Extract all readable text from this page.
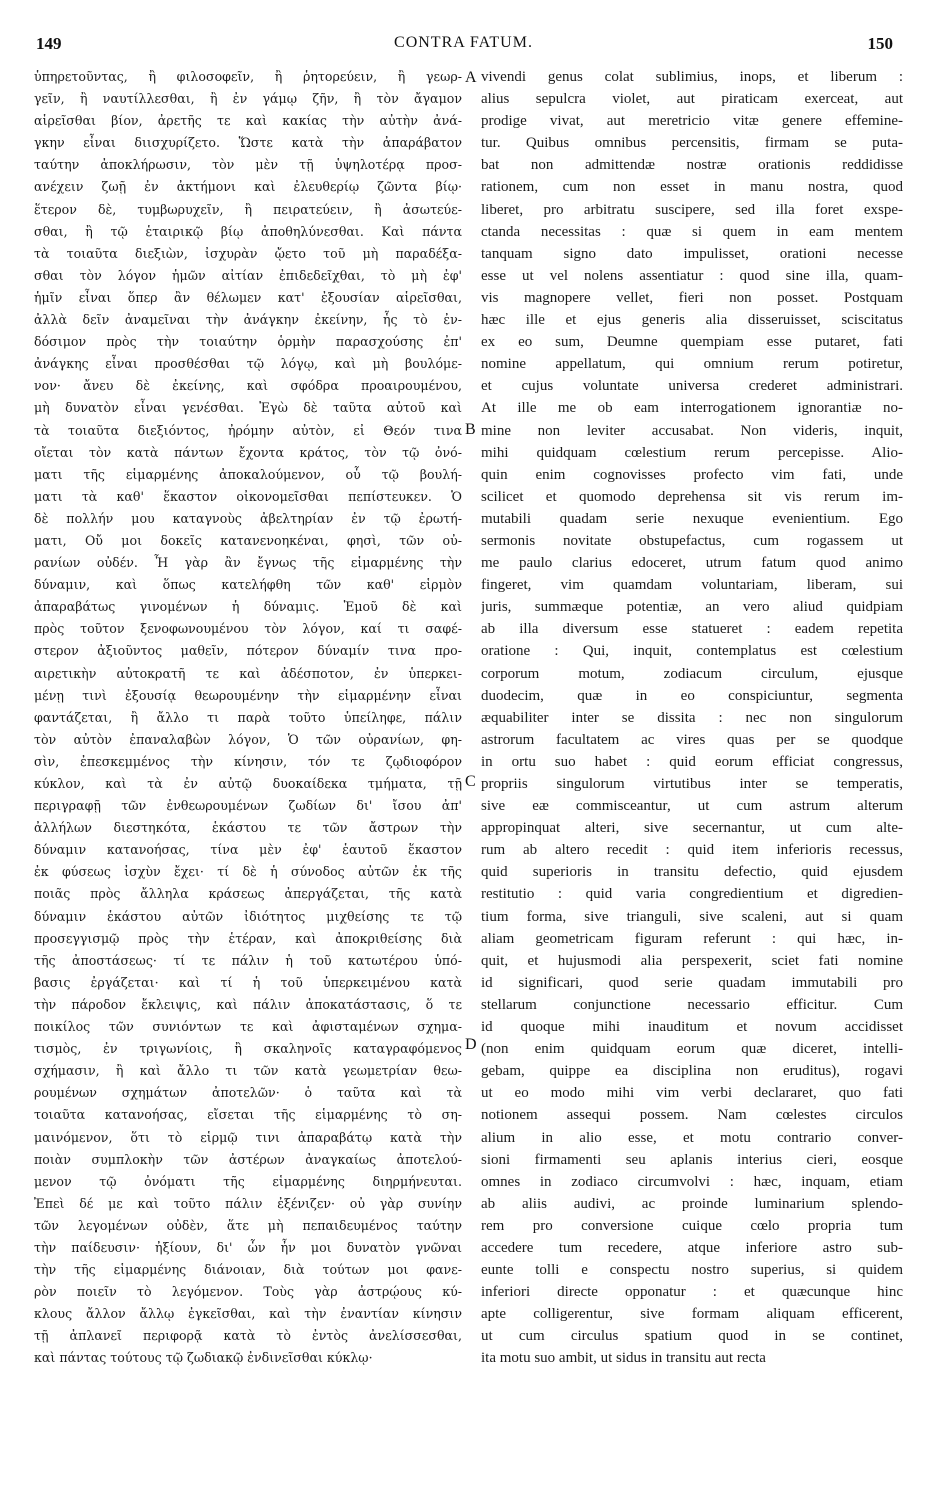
149	CONTRA FATUM.	150
ὑπηρετοῦντας, ἢ φιλοσοφεῖν, ἢ ῥητορεύειν, ἢ γεωρ-
γεῖν, ἢ ναυτίλλεσθαι, ἢ ἐν γάμῳ ζῆν, ἢ τὸν ἄγαμον
αἱρεῖσθαι βίον, ἀρετῆς τε καὶ κακίας τὴν αὐτὴν ἀνά-
γκην εἶναι διισχυρίζετο. Ὥστε κατὰ τὴν ἀπαράβατον
ταύτην ἀποκλήρωσιν, τὸν μὲν τῇ ὑψηλοτέρᾳ προσ-
ανέχειν ζωῇ ἐν ἀκτήμονι καὶ ἐλευθερίῳ ζῶντα βίῳ·
ἕτερον δὲ, τυμβωρυχεῖν, ἢ πειρατεύειν, ἢ ἀσωτεύε-
σθαι, ἢ τῷ ἑταιρικῷ βίῳ ἀποθηλύνεσθαι. Καὶ πάντα
τὰ τοιαῦτα διεξιὼν, ἰσχυρὰν ᾤετο τοῦ μὴ παραδέξα-
σθαι τὸν λόγον ἡμῶν αἰτίαν ἐπιδεδεῖχθαι, τὸ μὴ ἐφ'
ἡμῖν εἶναι ὅπερ ἂν θέλωμεν κατ' ἐξουσίαν αἱρεῖσθαι,
ἀλλὰ δεῖν ἀναμεῖναι τὴν ἀνάγκην ἐκείνην, ἧς τὸ ἐν-
δόσιμον πρὸς τὴν τοιαύτην ὁρμὴν παρασχούσης ἐπ'
ἀνάγκης εἶναι προσθέσθαι τῷ λόγῳ, καὶ μὴ βουλόμε-
νον· ἄνευ δὲ ἐκείνης, καὶ σφόδρα προαιρουμένου,
μὴ δυνατὸν εἶναι γενέσθαι. Ἐγὼ δὲ ταῦτα αὐτοῦ καὶ
τὰ τοιαῦτα διεξιόντος, ἠρόμην αὐτὸν, εἰ Θεόν τινα
οἴεται τὸν κατὰ πάντων ἔχοντα κράτος, τὸν τῷ ὀνό-
ματι τῆς εἱμαρμένης ἀποκαλούμενον, οὗ τῷ βουλή-
ματι τὰ καθ' ἕκαστον οἰκονομεῖσθαι πεπίστευκεν. Ὁ
δὲ πολλήν μου καταγνοὺς ἀβελτηρίαν ἐν τῷ ἐρωτή-
ματι, Οὔ μοι δοκεῖς κατανενοηκέναι, φησὶ, τῶν οὐ-
ρανίων οὐδέν. Ἦ γὰρ ἂν ἔγνως τῆς εἱμαρμένης τὴν
δύναμιν, καὶ ὅπως κατελήφθη τῶν καθ' εἱρμὸν
ἀπαραβάτως γινομένων ἡ δύναμις. Ἐμοῦ δὲ καὶ
πρὸς τοῦτον ξενοφωνουμένου τὸν λόγον, καί τι σαφέ-
στερον ἀξιοῦντος μαθεῖν, πότερον δύναμίν τινα προ-
αιρετικὴν αὐτοκρατῆ τε καὶ ἀδέσποτον, ἐν ὑπερκει-
μένῃ τινὶ ἐξουσίᾳ θεωρουμένην τὴν εἱμαρμένην εἶναι
φαντάζεται, ἢ ἄλλο τι παρὰ τοῦτο ὑπείληφε, πάλιν
τὸν αὐτὸν ἐπαναλαβὼν λόγον, Ὁ τῶν οὐρανίων, φη-
σὶν, ἐπεσκεμμένος τὴν κίνησιν, τόν τε ζῳδιοφόρον
κύκλον, καὶ τὰ ἐν αὐτῷ δυοκαίδεκα τμήματα, τῇ
περιγραφῇ τῶν ἐνθεωρουμένων ζωδίων δι' ἴσου ἀπ'
ἀλλήλων διεστηκότα, ἑκάστου τε τῶν ἄστρων τὴν
δύναμιν κατανοήσας, τίνα μὲν ἐφ' ἑαυτοῦ ἕκαστον
ἐκ φύσεως ἰσχὺν ἔχει· τί δὲ ἡ σύνοδος αὐτῶν ἐκ τῆς
ποιᾶς πρὸς ἄλληλα κράσεως ἀπεργάζεται, τῆς κατὰ
δύναμιν ἑκάστου αὐτῶν ἰδιότητος μιχθείσης τε τῷ
προσεγγισμῷ πρὸς τὴν ἑτέραν, καὶ ἀποκριθείσης διὰ
τῆς ἀποστάσεως· τί τε πάλιν ἡ τοῦ κατωτέρου ὑπό-
βασις ἐργάζεται· καὶ τί ἡ τοῦ ὑπερκειμένου κατὰ
τὴν πάροδον ἔκλειψις, καὶ πάλιν ἀποκατάστασις, ὅ τε
ποικίλος τῶν συνιόντων τε καὶ ἀφισταμένων σχημα-
τισμὸς, ἐν τριγωνίοις, ἢ σκαληνοῖς καταγραφόμενος
σχήμασιν, ἢ καὶ ἄλλο τι τῶν κατὰ γεωμετρίαν θεω-
ρουμένων σχημάτων ἀποτελῶν· ὁ ταῦτα καὶ τὰ
τοιαῦτα κατανοήσας, εἴσεται τῆς εἱμαρμένης τὸ ση-
μαινόμενον, ὅτι τὸ εἱρμῷ τινι ἀπαραβάτῳ κατὰ τὴν
ποιὰν συμπλοκὴν τῶν ἀστέρων ἀναγκαίως ἀποτελού-
μενον τῷ ὀνόματι τῆς εἱμαρμένης διηρμήνευται.
Ἐπεὶ δέ με καὶ τοῦτο πάλιν ἐξένιζεν· οὐ γὰρ συνίην
τῶν λεγομένων οὐδὲν, ἅτε μὴ πεπαιδευμένος ταύτην
τὴν παίδευσιν· ἠξίουν, δι' ὧν ἦν μοι δυνατὸν γνῶναι
τὴν τῆς εἱμαρμένης διάνοιαν, διὰ τούτων μοι φανε-
ρὸν ποιεῖν τὸ λεγόμενον. Τοὺς γὰρ ἀστρῴους κύ-
κλους ἄλλον ἄλλῳ ἐγκεῖσθαι, καὶ τὴν ἐναντίαν κίνησιν
τῇ ἀπλανεῖ περιφορᾷ κατὰ τὸ ἐντὸς ἀνελίσσεσθαι,
καὶ πάντας τούτους τῷ ζωδιακῷ ἐνδινεῖσθαι κύκλῳ·
vivendi genus colat sublimius, inops, et liberum :
alius sepulcra violet, aut piraticam exerceat, aut
prodige vivat, aut meretricio vitæ genere effemine-
tur. Quibus omnibus percensitis, firmam se puta-
bat non admittendæ nostræ orationis reddidisse
rationem, cum non esset in manu nostra, quod
liberet, pro arbitratu suscipere, sed illa foret exspe-
ctanda necessitas : quæ si quem in eam mentem
tanquam signo dato impulisset, orationi necesse
esse ut vel nolens assentiatur : quod sine illa, quam-
vis magnopere vellet, fieri non posset. Postquam
hæc ille et ejus generis alia disseruisset, sciscitatus
ex eo sum, Deumne quempiam esse putaret, fati
nomine appellatum, qui omnium rerum potiretur,
et cujus voluntate universa crederet administrari.
At ille me ob eam interrogationem ignorantiæ no-
mine non leviter accusabat. Non videris, inquit,
mihi quidquam cœlestium rerum percepisse. Alio-
quin enim cognovisses profecto vim fati, unde
scilicet et quomodo deprehensa sit vis rerum im-
mutabili quadam serie nexuque evenientium. Ego
sermonis novitate obstupefactus, cum rogassem ut
me paulo clarius edoceret, utrum fatum quod animo
fingeret, vim quamdam voluntariam, liberam, sui
juris, summæque potentiæ, an vero aliud quidpiam
ab illa diversum esse statueret : eadem repetita
oratione : Qui, inquit, contemplatus est cœlestium
corporum motum, zodiacum circulum, ejusque
duodecim, quæ in eo conspiciuntur, segmenta
æquabiliter inter se dissita : nec non singulorum
astrorum facultatem ac vires quas per se quodque
in ortu suo habet : quid eorum efficiat congressus,
propriis singulorum virtutibus inter se temperatis,
sive eæ commisceantur, ut cum astrum alterum
appropinquat alteri, sive secernantur, ut cum alte-
rum ab altero recedit : quid item inferioris recessus,
quid superioris in transitu defectio, quid ejusdem
restitutio : quid varia congredientium et digredien-
tium forma, sive trianguli, sive scaleni, aut si quam
aliam geometricam figuram referunt : qui hæc, in-
quit, et hujusmodi alia perspexerit, sciet fati nomine
id significari, quod serie quadam immutabili pro
stellarum conjunctione necessario efficitur. Cum
id quoque mihi inauditum et novum accidisset
(non enim quidquam eorum quæ diceret, intelli-
gebam, quippe ea disciplina non eruditus), rogavi
ut eo modo mihi vim verbi declararet, quo fati
notionem assequi possem. Nam cœlestes circulos
alium in alio esse, et motu contrario conver-
sioni firmamenti seu aplanis interius cieri, eosque
omnes in zodiaco circumvolvi : hæc, inquam, etiam
ab aliis audivi, ac proinde luminarium splendo-
rem pro conversione cuique cœlo propria tum
accedere tum recedere, atque inferiore astro sub-
eunte tolli e conspectu nostro superius, si quidem
inferiori directe opponatur : et quæcunque hinc
apte colligerentur, sive formam aliquam efficerent,
ut cum circulus spatium quod in se continet,
ita motu suo ambit, ut sidus in transitu aut recta
A
B
C
D
